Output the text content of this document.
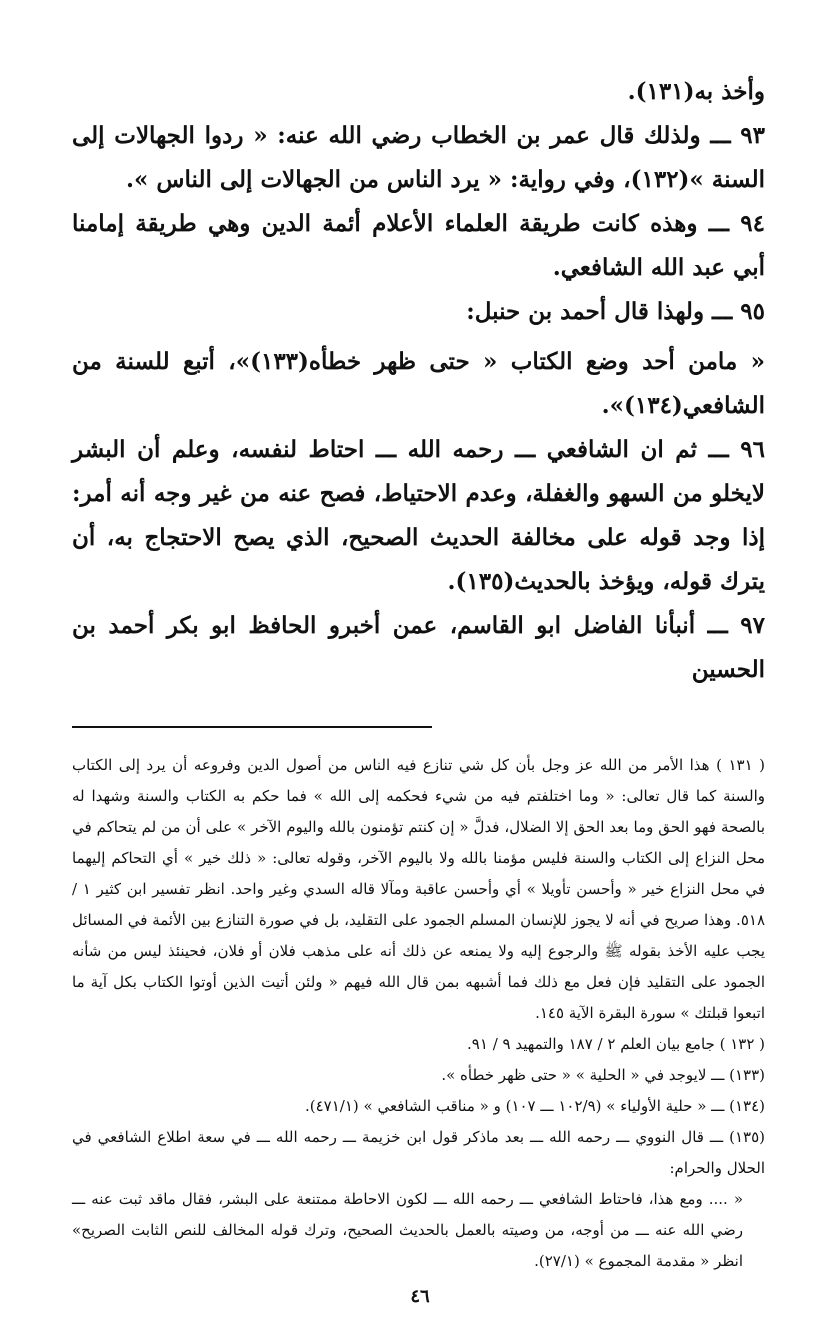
وأخذ به(١٣١).

٩٣ ـــ ولذلك قال عمر بن الخطاب رضي الله عنه: « ردوا الجهالات إلى السنة »(١٣٢)، وفي رواية: « يرد الناس من الجهالات إلى الناس ».

٩٤ ـــ وهذه كانت طريقة العلماء الأعلام أئمة الدين وهي طريقة إمامنا أبي عبد الله الشافعي.

٩٥ ـــ ولهذا قال أحمد بن حنبل:

« مامن أحد وضع الكتاب « حتى ظهر خطأه(١٣٣)»، أتبع للسنة من الشافعي(١٣٤)».

٩٦ ـــ ثم ان الشافعي ـــ رحمه الله ـــ احتاط لنفسه، وعلم أن البشر لايخلو من السهو والغفلة، وعدم الاحتياط، فصح عنه من غير وجه أنه أمر: إذا وجد قوله على مخالفة الحديث الصحيح، الذي يصح الاحتجاج به، أن يترك قوله، ويؤخذ بالحديث(١٣٥).

٩٧ ـــ أنبأنا الفاضل ابو القاسم، عمن أخبرو الحافظ ابو بكر أحمد بن الحسين

( ١٣١ ) هذا الأمر من الله عز وجل بأن كل شي تنازع فيه الناس من أصول الدين وفروعه أن يرد إلى الكتاب والسنة كما قال تعالى: « وما اختلفتم فيه من شيء فحكمه إلى الله » فما حكم به الكتاب والسنة وشهدا له بالصحة فهو الحق وما بعد الحق إلا الضلال، فدلَّ « إن كنتم تؤمنون بالله واليوم الآخر » على أن من لم يتحاكم في محل النزاع إلى الكتاب والسنة فليس مؤمنا بالله ولا باليوم الآخر، وقوله تعالى: « ذلك خير » أي التحاكم إليهما في محل النزاع خير « وأحسن تأويلا » أي وأحسن عاقبة ومآلا قاله السدي وغير واحد. انظر تفسير ابن كثير ١ / ٥١٨. وهذا صريح في أنه لا يجوز للإنسان المسلم الجمود على التقليد، بل في صورة التنازع بين الأئمة في المسائل يجب عليه الأخذ بقوله ﷺ والرجوع إليه ولا يمنعه عن ذلك أنه على مذهب فلان أو فلان، فحينئذ ليس من شأنه الجمود على التقليد فإن فعل مع ذلك فما أشبهه بمن قال الله فيهم « ولئن أتيت الذين أوتوا الكتاب بكل آية ما اتبعوا قبلتك » سورة البقرة الآية ١٤٥.

( ١٣٢ ) جامع بيان العلم ٢ / ١٨٧ والتمهيد ٩ / ٩١.

(١٣٣) ـــ لايوجد في « الحلية » « حتى ظهر خطأه ».

(١٣٤) ـــ « حلية الأولياء » (١٠٢/٩ ـــ ١٠٧) و « مناقب الشافعي » (٤٧١/١).

(١٣٥) ـــ قال النووي ـــ رحمه الله ـــ بعد ماذكر قول ابن خزيمة ـــ رحمه الله ـــ في سعة اطلاع الشافعي في الحلال والحرام:

« .... ومع هذا، فاحتاط الشافعي ـــ رحمه الله ـــ لكون الاحاطة ممتنعة على البشر، فقال ماقد ثبت عنه ـــ رضي الله عنه ـــ من أوجه، من وصيته بالعمل بالحديث الصحيح، وترك قوله المخالف للنص الثابت الصريح» انظر « مقدمة المجموع » (٢٧/١).

٤٦
